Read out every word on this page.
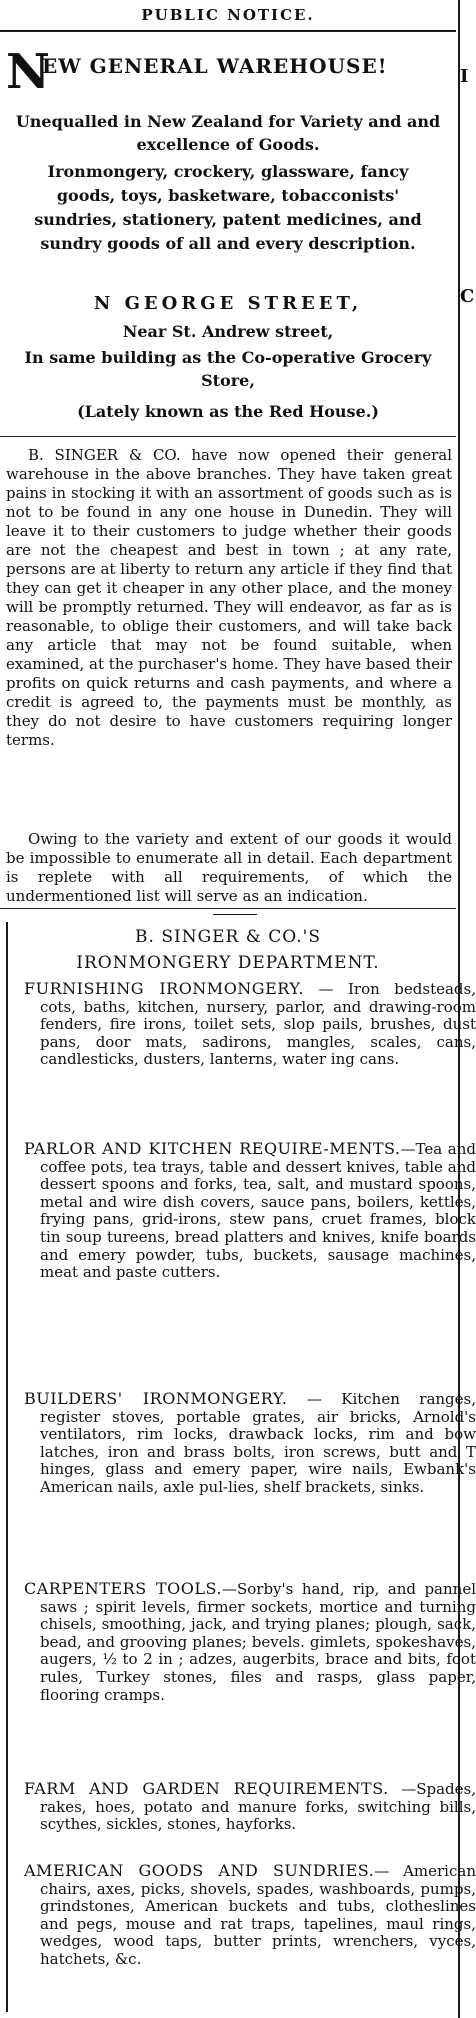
PUBLIC NOTICE.
I
C
N
EW GENERAL WAREHOUSE!
Unequalled in New Zealand for Variety and and excellence of Goods.
Ironmongery, crockery, glassware, fancy goods, toys, basketware, tobacconists' sundries, stationery, patent medicines, and sundry goods of all and every description.
N GEORGE STREET,
Near St. Andrew street,
In same building as the Co-operative Grocery Store,
(Lately known as the Red House.)
B. SINGER & CO. have now opened their general warehouse in the above branches. They have taken great pains in stocking it with an assortment of goods such as is not to be found in any one house in Dunedin. They will leave it to their customers to judge whether their goods are not the cheapest and best in town ; at any rate, persons are at liberty to return any article if they find that they can get it cheaper in any other place, and the money will be promptly returned. They will endeavor, as far as is reasonable, to oblige their customers, and will take back any article that may not be found suitable, when examined, at the purchaser's home. They have based their profits on quick returns and cash payments, and where a credit is agreed to, the payments must be monthly, as they do not desire to have customers requiring longer terms.
Owing to the variety and extent of our goods it would be impossible to enumerate all in detail. Each department is replete with all requirements, of which the undermentioned list will serve as an indication.
B. SINGER & CO.'S
IRONMONGERY DEPARTMENT.
FURNISHING IRONMONGERY. — Iron bedsteads, cots, baths, kitchen, nursery, parlor, and drawing-room fenders, fire irons, toilet sets, slop pails, brushes, dust pans, door mats, sadirons, mangles, scales, cans, candlesticks, dusters, lanterns, water ing cans.
PARLOR AND KITCHEN REQUIRE-MENTS.—Tea and coffee pots, tea trays, table and dessert knives, table and dessert spoons and forks, tea, salt, and mustard spoons, metal and wire dish covers, sauce pans, boilers, kettles, frying pans, grid-irons, stew pans, cruet frames, block tin soup tureens, bread platters and knives, knife boards and emery powder, tubs, buckets, sausage machines, meat and paste cutters.
BUILDERS' IRONMONGERY. — Kitchen ranges, register stoves, portable grates, air bricks, Arnold's ventilators, rim locks, drawback locks, rim and bow latches, iron and brass bolts, iron screws, butt and T hinges, glass and emery paper, wire nails, Ewbank's American nails, axle pul-lies, shelf brackets, sinks.
CARPENTERS TOOLS.—Sorby's hand, rip, and pannel saws ; spirit levels, firmer sockets, mortice and turning chisels, smoothing, jack, and trying planes; plough, sack, bead, and grooving planes; bevels. gimlets, spokeshaves, augers, ½ to 2 in ; adzes, augerbits, brace and bits, foot rules, Turkey stones, files and rasps, glass paper, flooring cramps.
FARM AND GARDEN REQUIREMENTS. —Spades, rakes, hoes, potato and manure forks, switching bills, scythes, sickles, stones, hayforks.
AMERICAN GOODS AND SUNDRIES.— American chairs, axes, picks, shovels, spades, washboards, pumps, grindstones, American buckets and tubs, clotheslines and pegs, mouse and rat traps, tapelines, maul rings, wedges, wood taps, butter prints, wrenchers, vyces, hatchets, &c.
